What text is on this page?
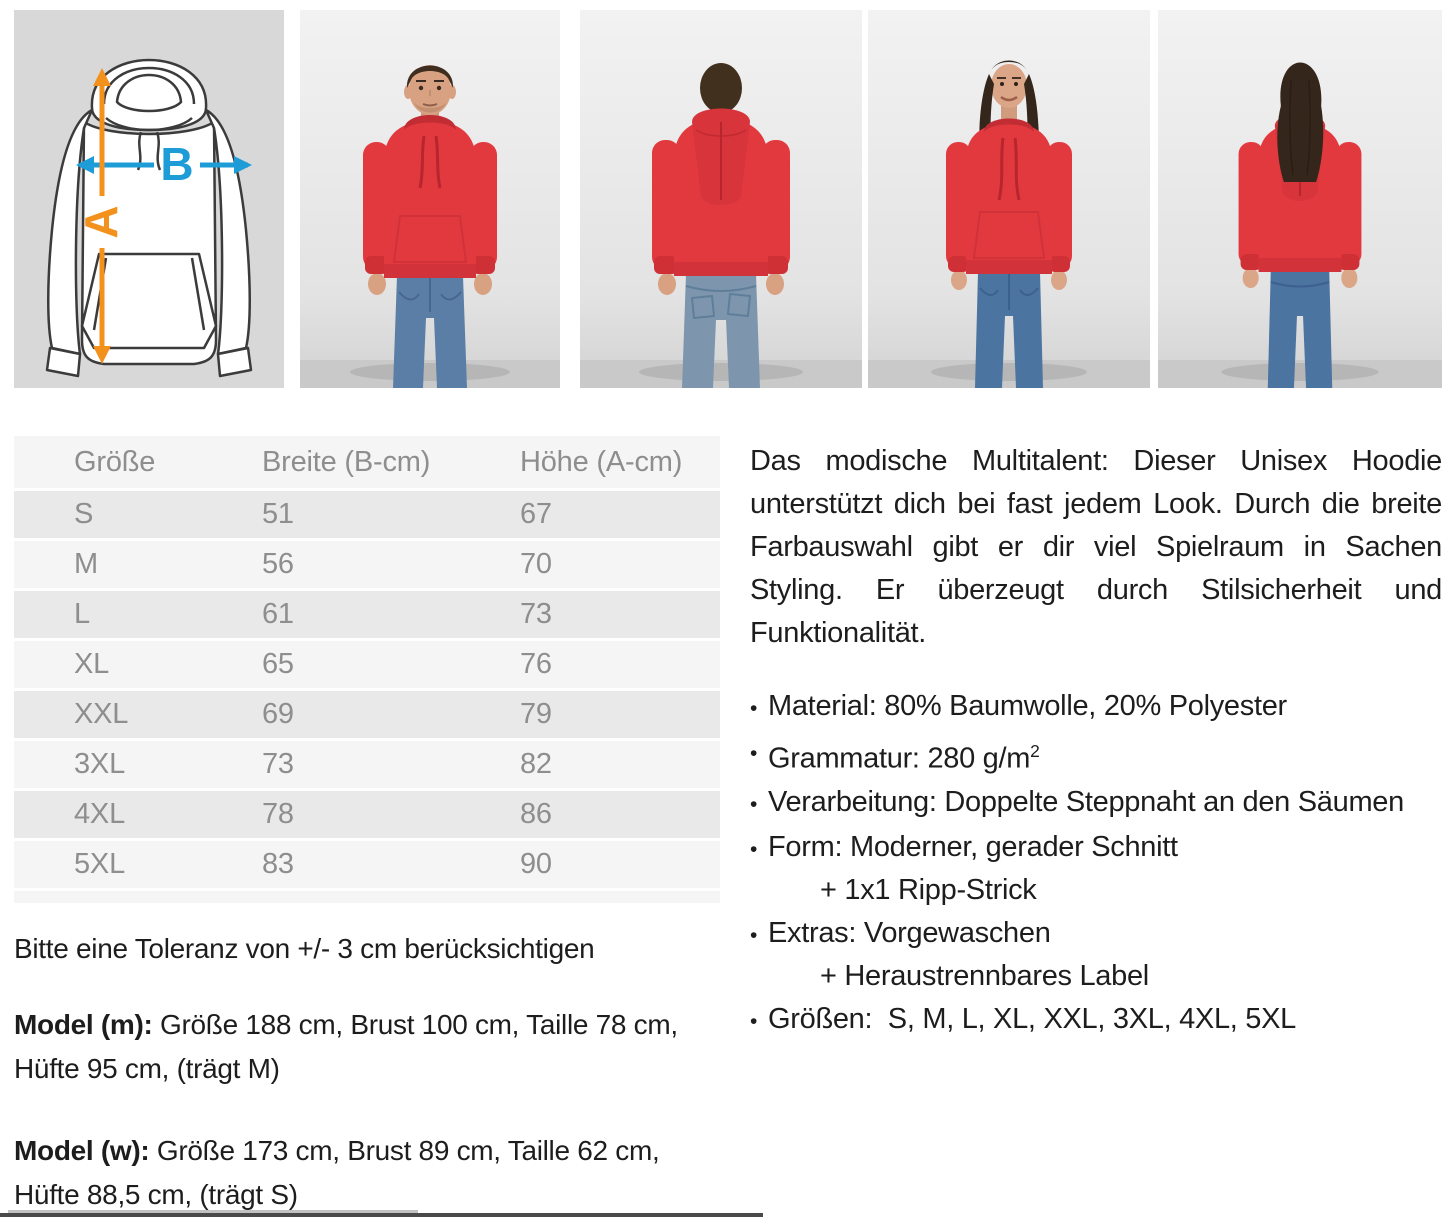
B
A
Größe	Breite (B-cm)	Höhe (A-cm)
S	51	67
M	56	70
L	61	73
XL	65	76
XXL	69	79
3XL	73	82
4XL	78	86
5XL	83	90

Bitte eine Toleranz von +/- 3 cm berücksichtigen

Model (m): Größe 188 cm, Brust 100 cm, Taille 78 cm, Hüfte 95 cm, (trägt M)

Model (w): Größe 173 cm, Brust 89 cm, Taille 62 cm, Hüfte 88,5 cm, (trägt S)

Das modische Multitalent: Dieser Unisex Hoodie unterstützt dich bei fast jedem Look. Durch die breite Farbauswahl gibt er dir viel Spielraum in Sachen Styling. Er überzeugt durch Stilsicherheit und Funktionalität.

• Material: 80% Baumwolle, 20% Polyester
• Grammatur: 280 $g/m^2$
• Verarbeitung: Doppelte Steppnaht an den Säumen
• Form: Moderner, gerader Schnitt
+ 1x1 Ripp-Strick
• Extras: Vorgewaschen
+ Heraustrennbares Label
• Größen:  S, M, L, XL, XXL, 3XL, 4XL, 5XL
